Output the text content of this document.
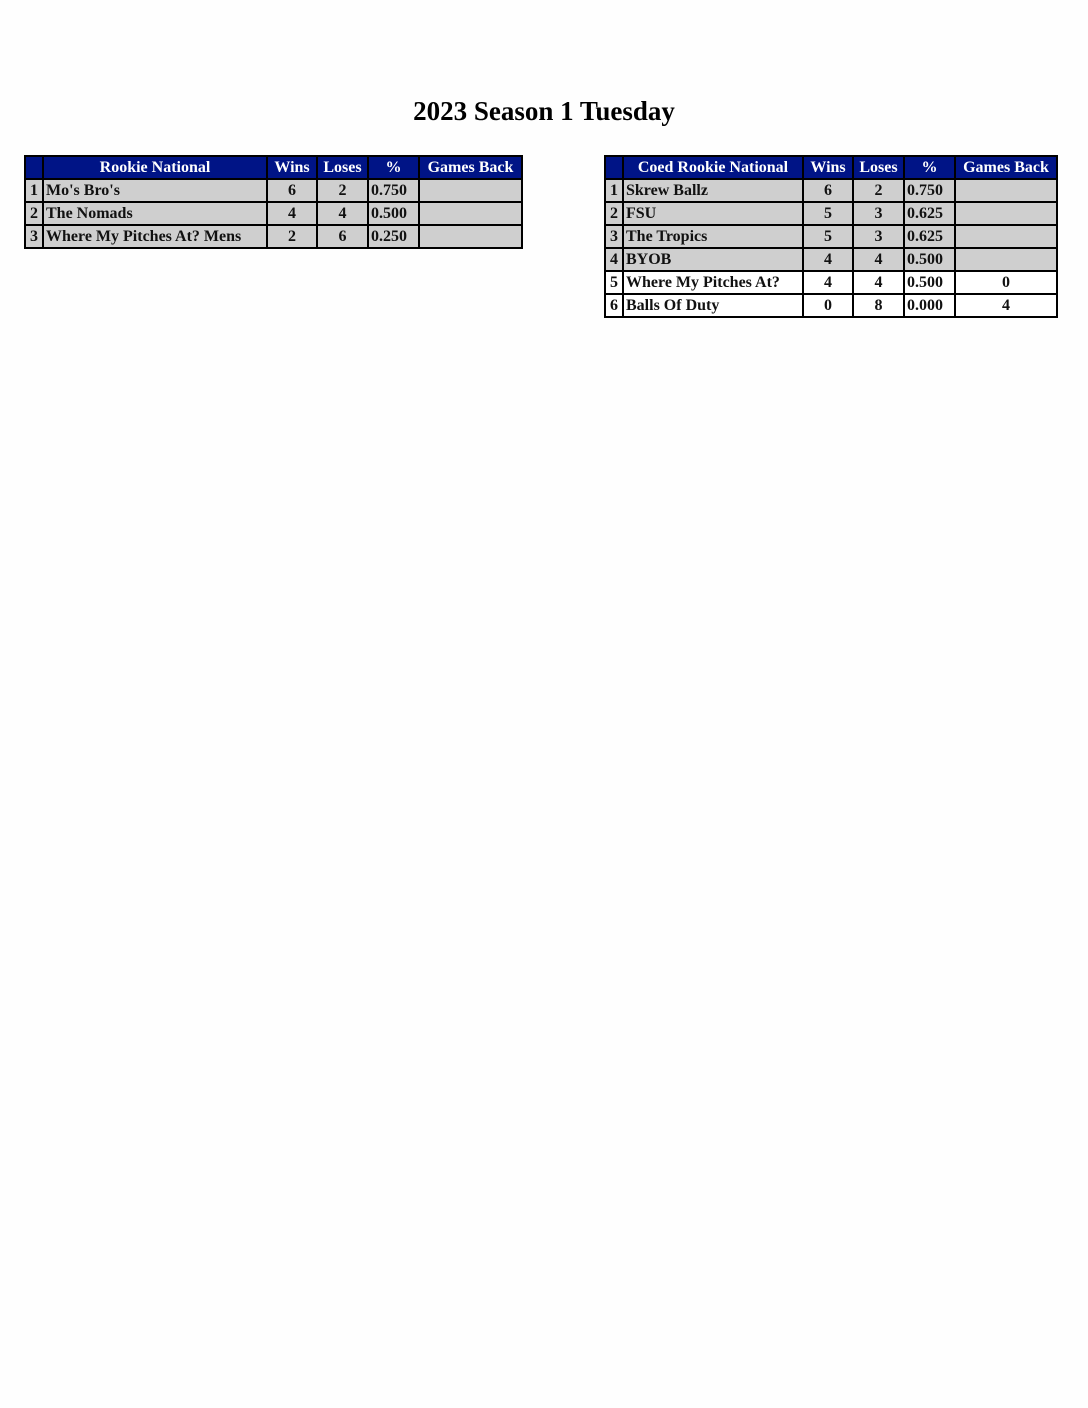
2023 Season 1 Tuesday
	Rookie National	Wins	Loses	%	Games Back
1	Mo's Bro's	6	2	0.750	
2	The Nomads	4	4	0.500	
3	Where My Pitches At? Mens	2	6	0.250	
	Coed Rookie National	Wins	Loses	%	Games Back
1	Skrew Ballz	6	2	0.750	
2	FSU	5	3	0.625	
3	The Tropics	5	3	0.625	
4	BYOB	4	4	0.500	
5	Where My Pitches At?	4	4	0.500	0
6	Balls Of Duty	0	8	0.000	4
